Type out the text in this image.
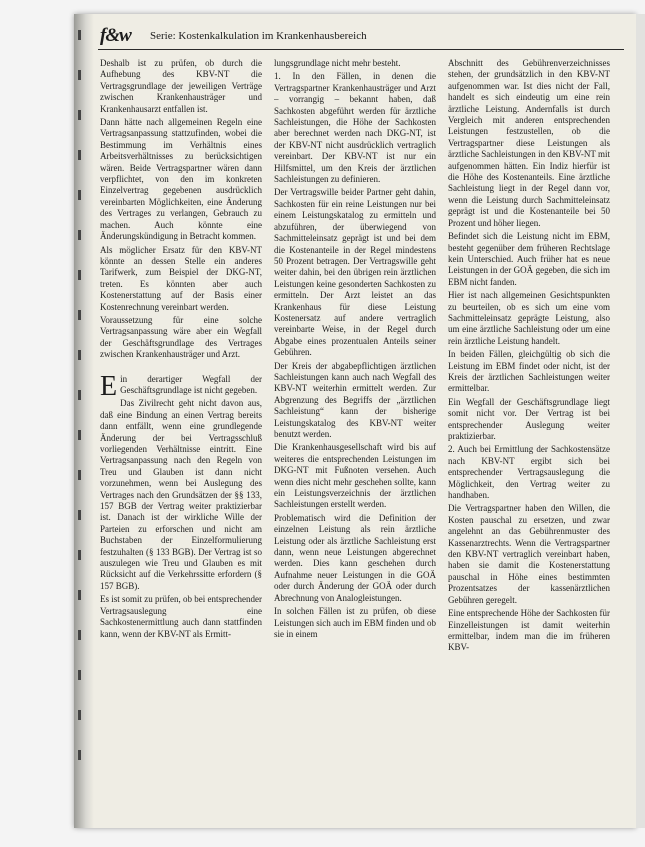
f&w Serie: Kostenkalkulation im Krankenhausbereich

Deshalb ist zu prüfen, ob durch die Aufhebung des KBV-NT die Vertragsgrundlage der jeweiligen Verträge zwischen Krankenhausträger und Krankenhausarzt entfallen ist.

Dann hätte nach allgemeinen Regeln eine Vertragsanpassung stattzufinden, wobei die Bestimmung im Verhältnis eines Arbeitsverhältnisses zu berücksichtigen wären. Beide Vertragspartner wären dann verpflichtet, von den im konkreten Einzelvertrag gegebenen ausdrücklich vereinbarten Möglichkeiten, eine Änderung des Vertrages zu verlangen, Gebrauch zu machen. Auch könnte eine Änderungskündigung in Betracht kommen.

Als möglicher Ersatz für den KBV-NT könnte an dessen Stelle ein anderes Tarifwerk, zum Beispiel der DKG-NT, treten. Es könnten aber auch Kostenerstattung auf der Basis einer Kostenrechnung vereinbart werden.

Voraussetzung für eine solche Vertragsanpassung wäre aber ein Wegfall der Geschäftsgrundlage des Vertrages zwischen Krankenhausträger und Arzt.

Ein derartiger Wegfall der Geschäftsgrundlage ist nicht gegeben.

Das Zivilrecht geht nicht davon aus, daß eine Bindung an einen Vertrag bereits dann entfällt, wenn eine grundlegende Änderung der bei Vertragsschluß vorliegenden Verhältnisse eintritt. Eine Vertragsanpassung nach den Regeln von Treu und Glauben ist dann nicht vorzunehmen, wenn bei Auslegung des Vertrages nach den Grundsätzen der §§ 133, 157 BGB der Vertrag weiter praktizierbar ist. Danach ist der wirkliche Wille der Parteien zu erforschen und nicht am Buchstaben der Einzelformulierung festzuhalten (§ 133 BGB). Der Vertrag ist so auszulegen wie Treu und Glauben es mit Rücksicht auf die Verkehrssitte erfordern (§ 157 BGB).

Es ist somit zu prüfen, ob bei entsprechender Vertragsauslegung eine Sachkostenermittlung auch dann stattfinden kann, wenn der KBV-NT als Ermitt-

lungsgrundlage nicht mehr besteht.

1. In den Fällen, in denen die Vertragspartner Krankenhausträger und Arzt – vorrangig – bekannt haben, daß Sachkosten abgeführt werden für ärztliche Sachleistungen, die Höhe der Sachkosten aber berechnet werden nach DKG-NT, ist der KBV-NT nicht ausdrücklich vertraglich vereinbart. Der KBV-NT ist nur ein Hilfsmittel, um den Kreis der ärztlichen Sachleistungen zu definieren.

Der Vertragswille beider Partner geht dahin, Sachkosten für ein reine Leistungen nur bei einem Leistungskatalog zu ermitteln und abzuführen, der überwiegend von Sachmitteleinsatz geprägt ist und bei dem die Kostenanteile in der Regel mindestens 50 Prozent betragen. Der Vertragswille geht weiter dahin, bei den übrigen rein ärztlichen Leistungen keine gesonderten Sachkosten zu ermitteln. Der Arzt leistet an das Krankenhaus für diese Leistung Kostenersatz auf andere vertraglich vereinbarte Weise, in der Regel durch Abgabe eines prozentualen Anteils seiner Gebühren.

Der Kreis der abgabepflichtigen ärztlichen Sachleistungen kann auch nach Wegfall des KBV-NT weiterhin ermittelt werden. Zur Abgrenzung des Begriffs der „ärztlichen Sachleistung“ kann der bisherige Leistungskatalog des KBV-NT weiter benutzt werden.

Die Krankenhausgesellschaft wird bis auf weiteres die entsprechenden Leistungen im DKG-NT mit Fußnoten versehen. Auch wenn dies nicht mehr geschehen sollte, kann ein Leistungsverzeichnis der ärztlichen Sachleistungen erstellt werden.

Problematisch wird die Definition der einzelnen Leistung als rein ärztliche Leistung oder als ärztliche Sachleistung erst dann, wenn neue Leistungen abgerechnet werden. Dies kann geschehen durch Aufnahme neuer Leistungen in die GOÄ oder durch Änderung der GOÄ oder durch Abrechnung von Analogleistungen.

In solchen Fällen ist zu prüfen, ob diese Leistungen sich auch im EBM finden und ob sie in einem

Abschnitt des Gebührenverzeichnisses stehen, der grundsätzlich in den KBV-NT aufgenommen war. Ist dies nicht der Fall, handelt es sich eindeutig um eine rein ärztliche Leistung. Andernfalls ist durch Vergleich mit anderen entsprechenden Leistungen festzustellen, ob die Vertragspartner diese Leistungen als ärztliche Sachleistungen in den KBV-NT mit aufgenommen hätten. Ein Indiz hierfür ist die Höhe des Kostenanteils. Eine ärztliche Sachleistung liegt in der Regel dann vor, wenn die Leistung durch Sachmitteleinsatz geprägt ist und die Kostenanteile bei 50 Prozent und höher liegen.

Befindet sich die Leistung nicht im EBM, besteht gegenüber dem früheren Rechtslage kein Unterschied. Auch früher hat es neue Leistungen in der GOÄ gegeben, die sich im EBM nicht fanden.

Hier ist nach allgemeinen Gesichtspunkten zu beurteilen, ob es sich um eine vom Sachmitteleinsatz geprägte Leistung, also um eine ärztliche Sachleistung oder um eine rein ärztliche Leistung handelt.

In beiden Fällen, gleichgültig ob sich die Leistung im EBM findet oder nicht, ist der Kreis der ärztlichen Sachleistungen weiter ermittelbar.

Ein Wegfall der Geschäftsgrundlage liegt somit nicht vor. Der Vertrag ist bei entsprechender Auslegung weiter praktizierbar.

2. Auch bei Ermittlung der Sachkostensätze nach KBV-NT ergibt sich bei entsprechender Vertragsauslegung die Möglichkeit, den Vertrag weiter zu handhaben.

Die Vertragspartner haben den Willen, die Kosten pauschal zu ersetzen, und zwar angelehnt an das Gebührenmuster des Kassenarztrechts. Wenn die Vertragspartner den KBV-NT vertraglich vereinbart haben, haben sie damit die Kostenerstattung pauschal in Höhe eines bestimmten Prozentsatzes der kassenärztlichen Gebühren geregelt.

Eine entsprechende Höhe der Sachkosten für Einzelleistungen ist damit weiterhin ermittelbar, indem man die im früheren KBV-
